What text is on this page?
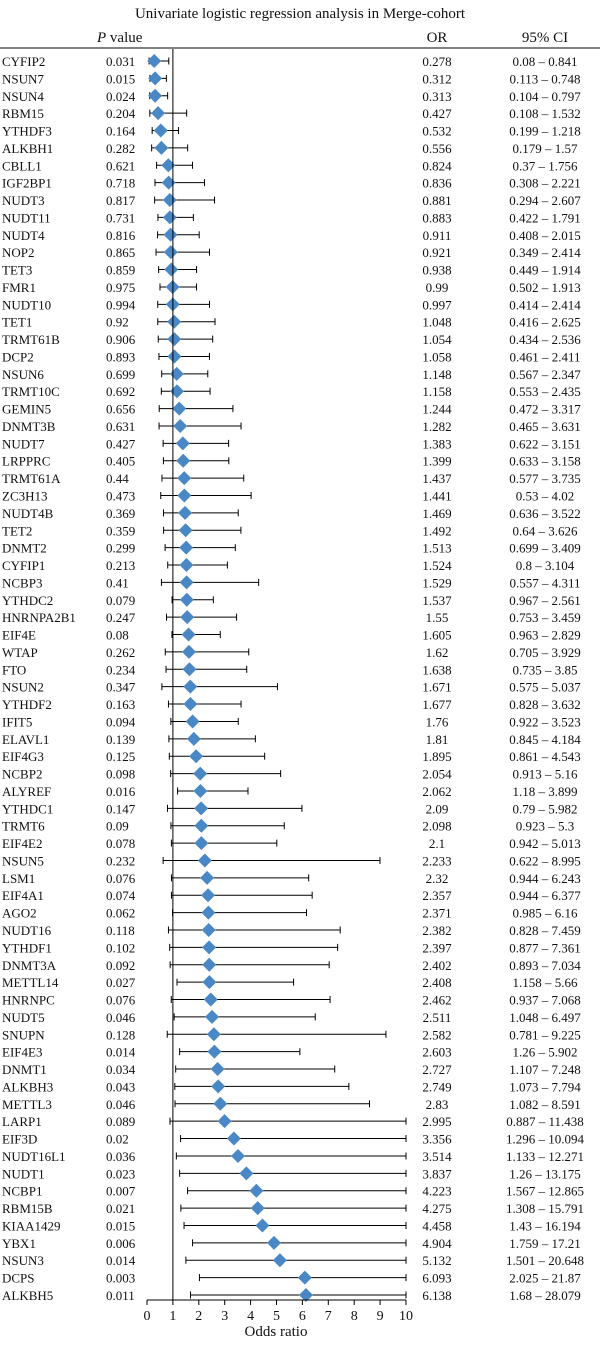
Univariate logistic regression analysis in Merge-cohort
P value	OR	95% CI
CYFIP2	0.031	0.278	0.08 – 0.841
NSUN7	0.015	0.312	0.113 – 0.748
NSUN4	0.024	0.313	0.104 – 0.797
RBM15	0.204	0.427	0.108 – 1.532
YTHDF3	0.164	0.532	0.199 – 1.218
ALKBH1	0.282	0.556	0.179 – 1.57
CBLL1	0.621	0.824	0.37 – 1.756
IGF2BP1	0.718	0.836	0.308 – 2.221
NUDT3	0.817	0.881	0.294 – 2.607
NUDT11	0.731	0.883	0.422 – 1.791
NUDT4	0.816	0.911	0.408 – 2.015
NOP2	0.865	0.921	0.349 – 2.414
TET3	0.859	0.938	0.449 – 1.914
FMR1	0.975	0.99	0.502 – 1.913
NUDT10	0.994	0.997	0.414 – 2.414
TET1	0.92	1.048	0.416 – 2.625
TRMT61B	0.906	1.054	0.434 – 2.536
DCP2	0.893	1.058	0.461 – 2.411
NSUN6	0.699	1.148	0.567 – 2.347
TRMT10C	0.692	1.158	0.553 – 2.435
GEMIN5	0.656	1.244	0.472 – 3.317
DNMT3B	0.631	1.282	0.465 – 3.631
NUDT7	0.427	1.383	0.622 – 3.151
LRPPRC	0.405	1.399	0.633 – 3.158
TRMT61A	0.44	1.437	0.577 – 3.735
ZC3H13	0.473	1.441	0.53 – 4.02
NUDT4B	0.369	1.469	0.636 – 3.522
TET2	0.359	1.492	0.64 – 3.626
DNMT2	0.299	1.513	0.699 – 3.409
CYFIP1	0.213	1.524	0.8 – 3.104
NCBP3	0.41	1.529	0.557 – 4.311
YTHDC2	0.079	1.537	0.967 – 2.561
HNRNPA2B1 0.247	1.55	0.753 – 3.459
EIF4E	0.08	1.605	0.963 – 2.829
WTAP	0.262	1.62	0.705 – 3.929
FTO	0.234	1.638	0.735 – 3.85
NSUN2	0.347	1.671	0.575 – 5.037
YTHDF2	0.163	1.677	0.828 – 3.632
IFIT5	0.094	1.76	0.922 – 3.523
ELAVL1	0.139	1.81	0.845 – 4.184
EIF4G3	0.125	1.895	0.861 – 4.543
NCBP2	0.098	2.054	0.913 – 5.16
ALYREF	0.016	2.062	1.18 – 3.899
YTHDC1	0.147	2.09	0.79 – 5.982
TRMT6	0.09	2.098	0.923 – 5.3
EIF4E2	0.078	2.1	0.942 – 5.013
NSUN5	0.232	2.233	0.622 – 8.995
LSM1	0.076	2.32	0.944 – 6.243
EIF4A1	0.074	2.357	0.944 – 6.377
AGO2	0.062	2.371	0.985 – 6.16
NUDT16	0.118	2.382	0.828 – 7.459
YTHDF1	0.102	2.397	0.877 – 7.361
DNMT3A	0.092	2.402	0.893 – 7.034
METTL14	0.027	2.408	1.158 – 5.66
HNRNPC	0.076	2.462	0.937 – 7.068
NUDT5	0.046	2.511	1.048 – 6.497
SNUPN	0.128	2.582	0.781 – 9.225
EIF4E3	0.014	2.603	1.26 – 5.902
DNMT1	0.034	2.727	1.107 – 7.248
ALKBH3	0.043	2.749	1.073 – 7.794
METTL3	0.046	2.83	1.082 – 8.591
LARP1	0.089	2.995	0.887 – 11.438
EIF3D	0.02	3.356	1.296 – 10.094
NUDT16L1	0.036	3.514	1.133 – 12.271
NUDT1	0.023	3.837	1.26 – 13.175
NCBP1	0.007	4.223	1.567 – 12.865
RBM15B	0.021	4.275	1.308 – 15.791
KIAA1429	0.015	4.458	1.43 – 16.194
YBX1	0.006	4.904	1.759 – 17.21
NSUN3	0.014	5.132	1.501 – 20.648
DCPS	0.003	6.093	2.025 – 21.87
ALKBH5	0.011	6.138	1.68 – 28.079
0 1 2 3 4 5 6 7 8 9 10
Odds ratio
